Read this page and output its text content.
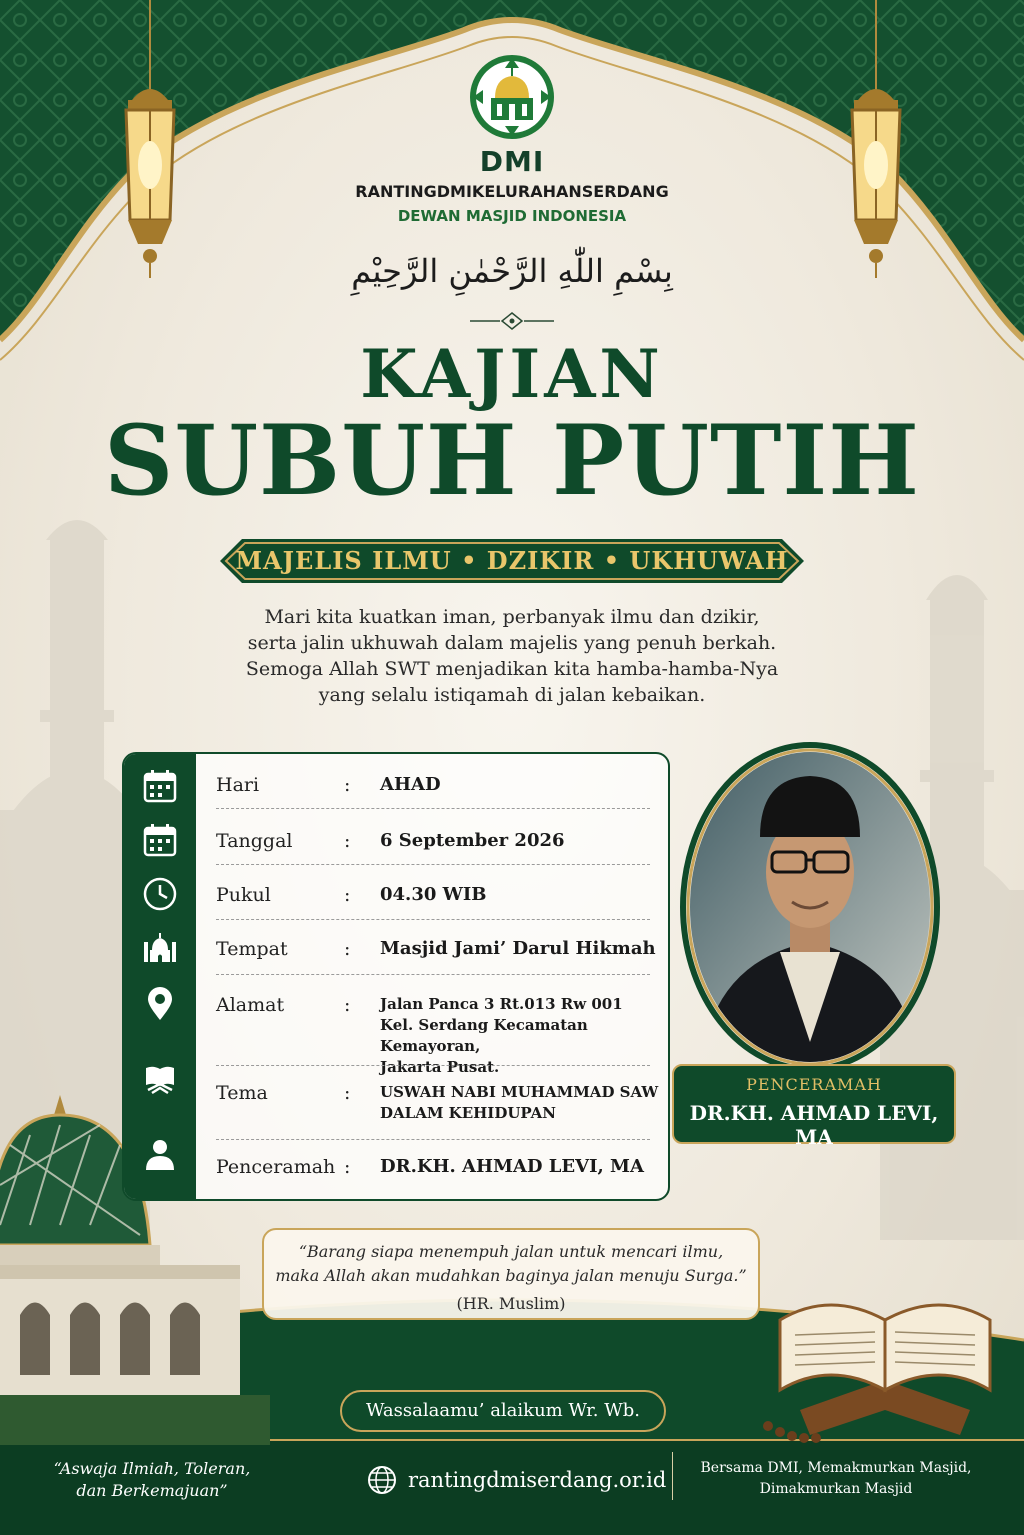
DMI
RANTINGDMIKELURAHANSERDANG
DEWAN MASJID INDONESIA
بِسْمِ اللّٰهِ الرَّحْمٰنِ الرَّحِيْمِ
KAJIAN
SUBUH PUTIH
MAJELIS ILMU • DZIKIR • UKHUWAH
Mari kita kuatkan iman, perbanyak ilmu dan dzikir,
serta jalin ukhuwah dalam majelis yang penuh berkah.
Semoga Allah SWT menjadikan kita hamba-hamba-Nya
yang selalu istiqamah di jalan kebaikan.
Hari	: AHAD
Tanggal	: 6 September 2026
Pukul	: 04.30 WIB
Tempat	: Masjid Jami’ Darul Hikmah
Alamat	: Jalan Panca 3 Rt.013 Rw 001
Kel. Serdang Kecamatan Kemayoran,
Jakarta Pusat.
Tema	: USWAH NABI MUHAMMAD SAW
DALAM KEHIDUPAN
Penceramah : DR.KH. AHMAD LEVI, MA
PENCERAMAH
DR.KH. AHMAD LEVI, MA
“Barang siapa menempuh jalan untuk mencari ilmu,
maka Allah akan mudahkan baginya jalan menuju Surga.”
(HR. Muslim)
Wassalaamu’ alaikum Wr. Wb.
“Aswaja Ilmiah, Toleran,
dan Berkemajuan”	rantingdmiserdang.or.id	Bersama DMI, Memakmurkan Masjid,
Dimakmurkan Masjid
